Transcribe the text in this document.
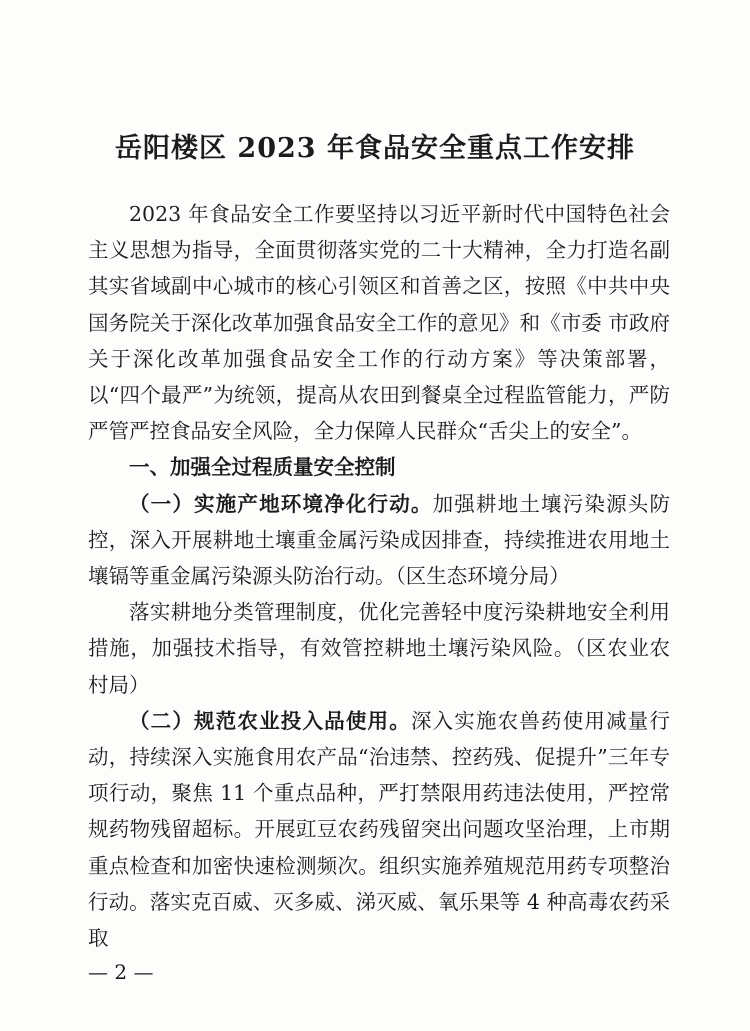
岳阳楼区 2023 年食品安全重点工作安排

2023 年食品安全工作要坚持以习近平新时代中国特色社会主义思想为指导，全面贯彻落实党的二十大精神，全力打造名副其实省域副中心城市的核心引领区和首善之区，按照《中共中央国务院关于深化改革加强食品安全工作的意见》和《市委 市政府关于深化改革加强食品安全工作的行动方案》等决策部署，以“四个最严”为统领，提高从农田到餐桌全过程监管能力，严防严管严控食品安全风险，全力保障人民群众“舌尖上的安全”。

一、加强全过程质量安全控制

（一）实施产地环境净化行动。加强耕地土壤污染源头防控，深入开展耕地土壤重金属污染成因排查，持续推进农用地土壤镉等重金属污染源头防治行动。（区生态环境分局）

落实耕地分类管理制度，优化完善轻中度污染耕地安全利用措施，加强技术指导，有效管控耕地土壤污染风险。（区农业农村局）

（二）规范农业投入品使用。深入实施农兽药使用减量行动，持续深入实施食用农产品“治违禁、控药残、促提升”三年专项行动，聚焦 11 个重点品种，严打禁限用药违法使用，严控常规药物残留超标。开展豇豆农药残留突出问题攻坚治理，上市期重点检查和加密快速检测频次。组织实施养殖规范用药专项整治行动。落实克百威、灭多威、涕灭威、氧乐果等 4 种高毒农药采取

— 2 —
